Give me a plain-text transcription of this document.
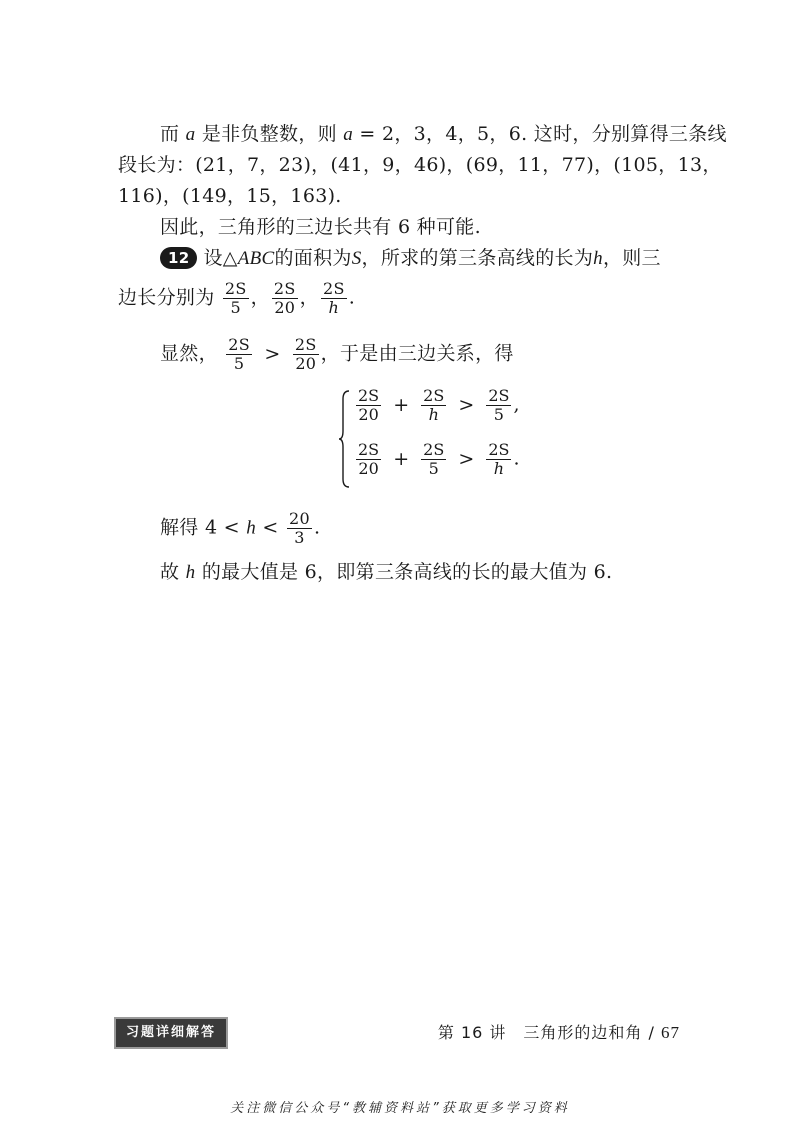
而 a 是非负整数，则 a = 2，3，4，5，6. 这时，分别算得三条线
段长为：(21，7，23)，(41，9，46)，(69，11，77)，(105，13，
116)，(149，15，163).
因此，三角形的三边长共有 6 种可能.
12 设△ABC的面积为S，所求的第三条高线的长为h，则三
边长分别为 $\frac{2S}{5}$ ， $\frac{2S}{20}$ ， $\frac{2S}{h}$ .
显然， $\frac{2S}{5} > \frac{2S}{20}$ ，于是由三边关系，得
$\frac{2S}{20} + \frac{2S}{h} > \frac{2S}{5}$ ,
$\frac{2S}{20} + \frac{2S}{5} > \frac{2S}{h}$ .
解得 $4 < h < \frac{20}{3}$ .
故 h 的最大值是 6，即第三条高线的长的最大值为 6.
习题详细解答	第 16 讲　三角形的边和角 / 67
关注微信公众号“教辅资料站”获取更多学习资料
